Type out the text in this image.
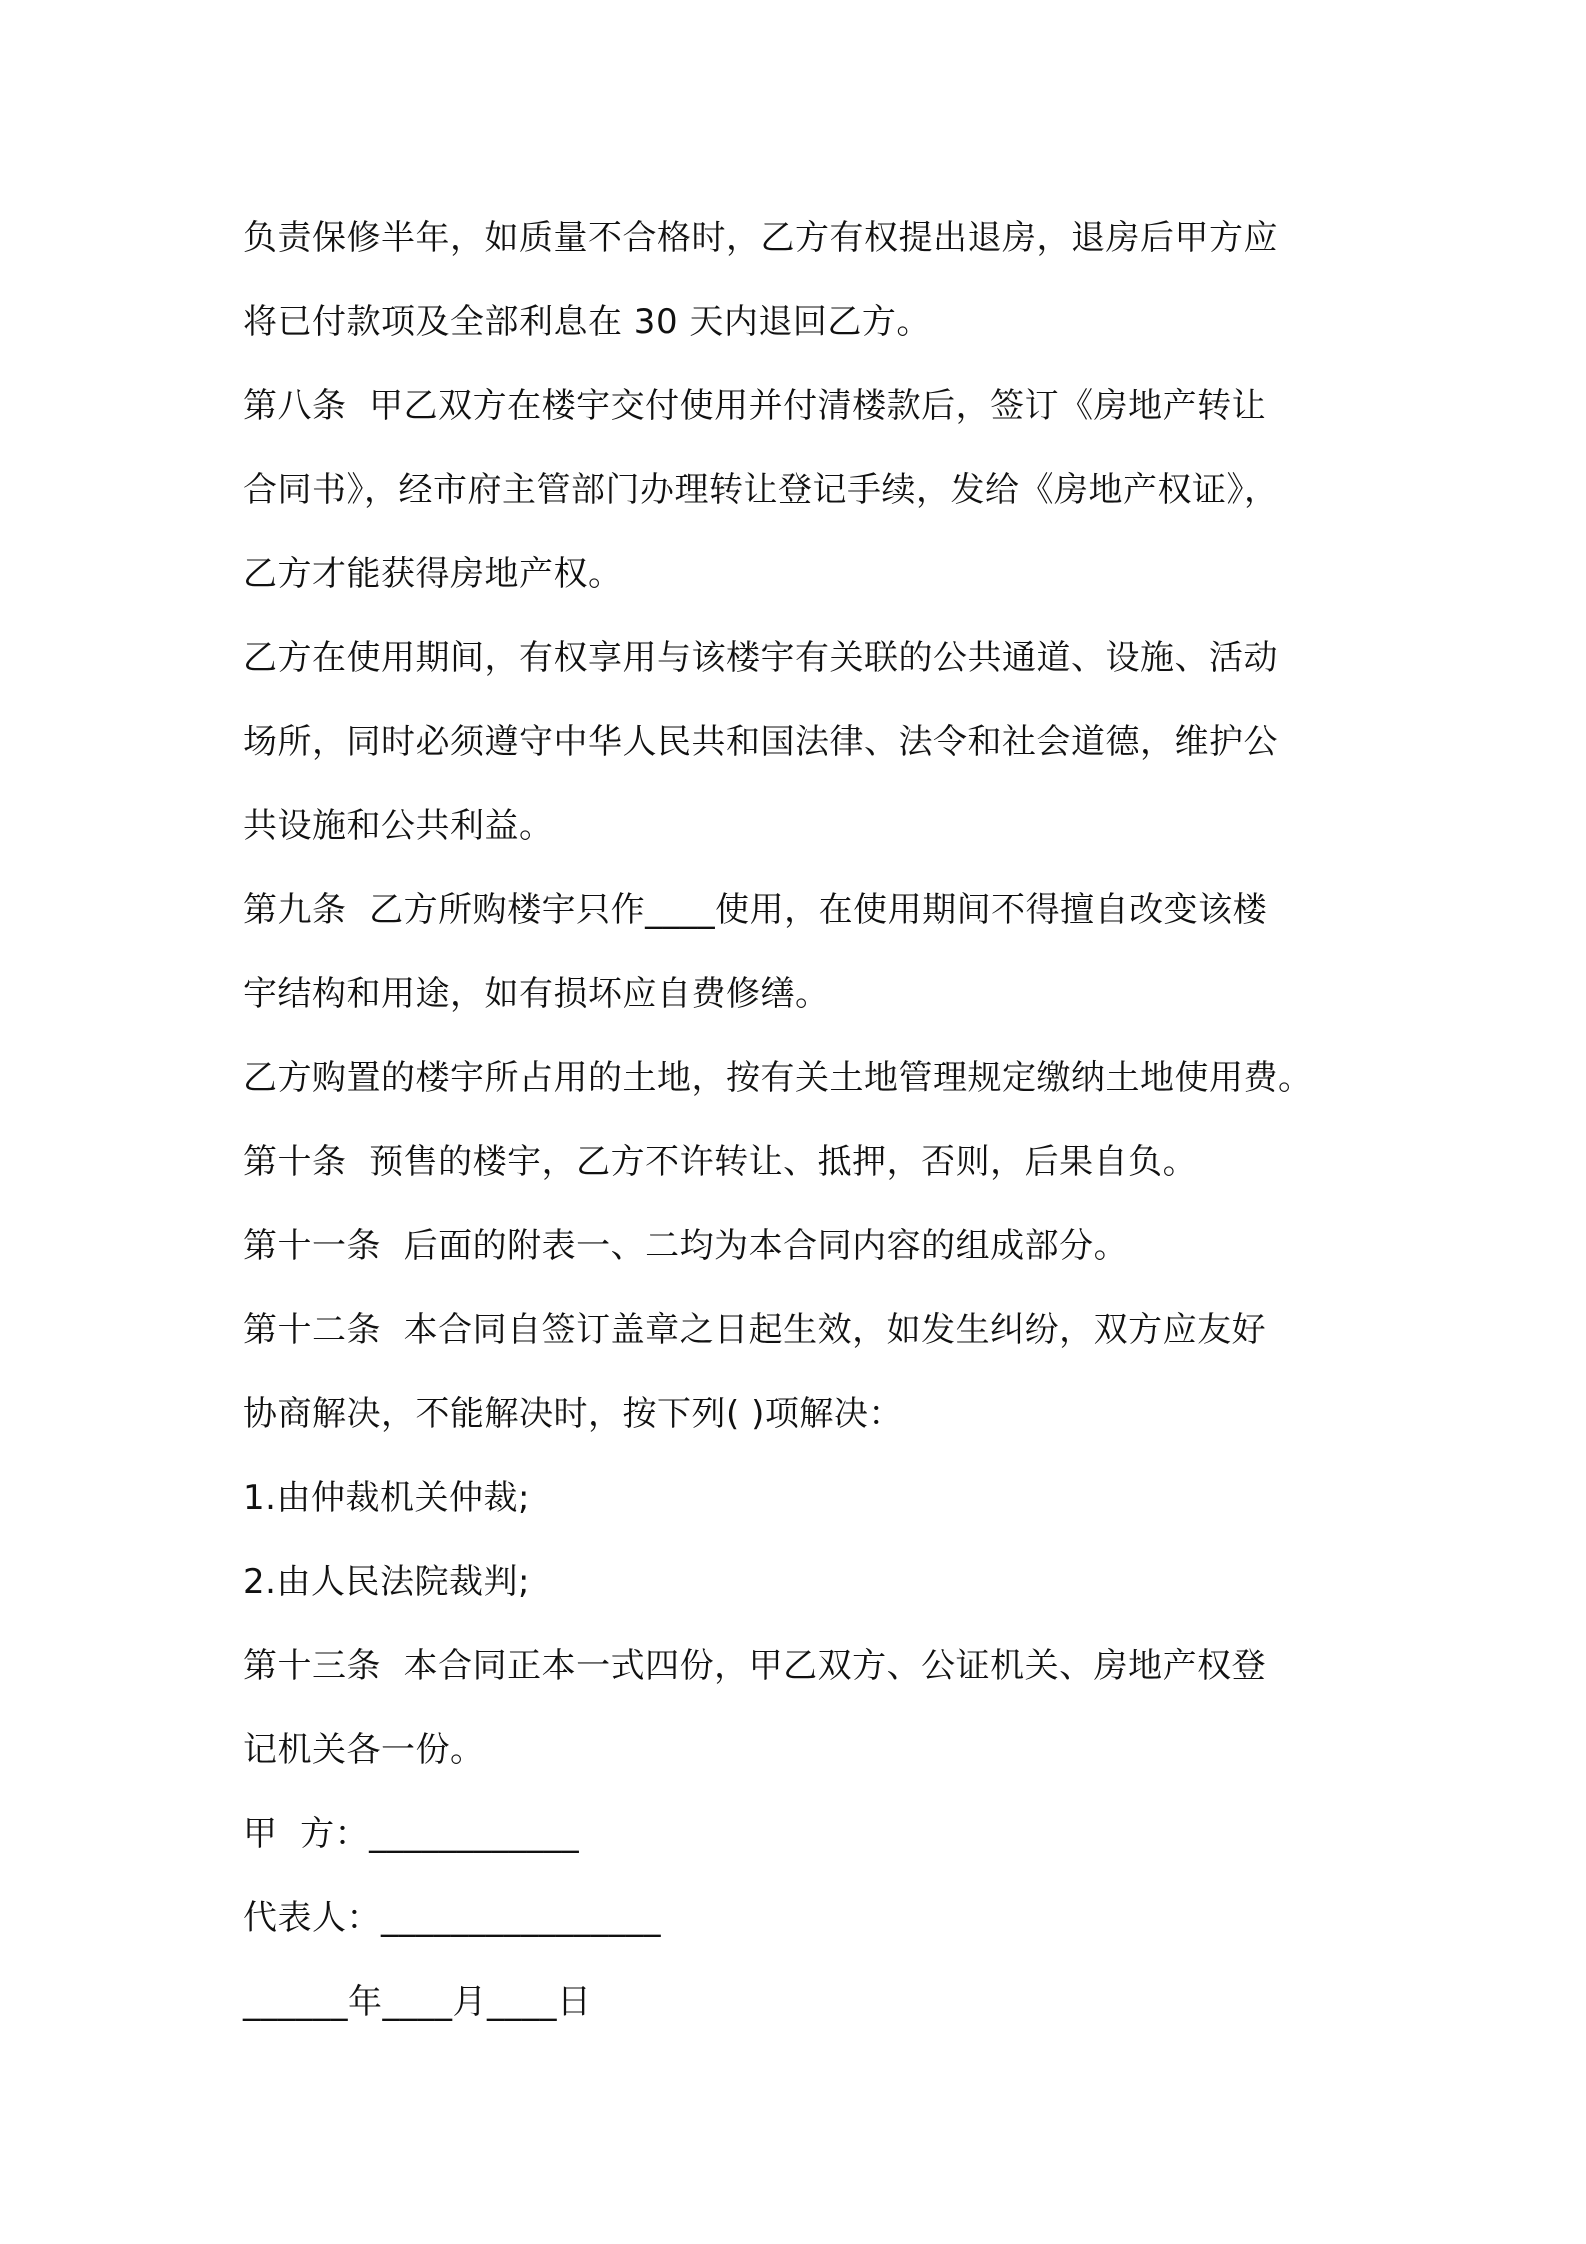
负责保修半年，如质量不合格时，乙方有权提出退房，退房后甲方应

将已付款项及全部利息在 30 天内退回乙方。

第八条  甲乙双方在楼宇交付使用并付清楼款后，签订《房地产转让

合同书》，经市府主管部门办理转让登记手续，发给《房地产权证》，

乙方才能获得房地产权。

乙方在使用期间，有权享用与该楼宇有关联的公共通道、设施、活动

场所，同时必须遵守中华人民共和国法律、法令和社会道德，维护公

共设施和公共利益。

第九条  乙方所购楼宇只作____使用，在使用期间不得擅自改变该楼

宇结构和用途，如有损坏应自费修缮。

乙方购置的楼宇所占用的土地，按有关土地管理规定缴纳土地使用费。

第十条  预售的楼宇，乙方不许转让、抵押，否则，后果自负。

第十一条  后面的附表一、二均为本合同内容的组成部分。

第十二条  本合同自签订盖章之日起生效，如发生纠纷，双方应友好

协商解决，不能解决时，按下列( )项解决：

1.由仲裁机关仲裁;

2.由人民法院裁判;

第十三条  本合同正本一式四份，甲乙双方、公证机关、房地产权登

记机关各一份。

甲  方：____________

代表人：________________

______年____月____日
